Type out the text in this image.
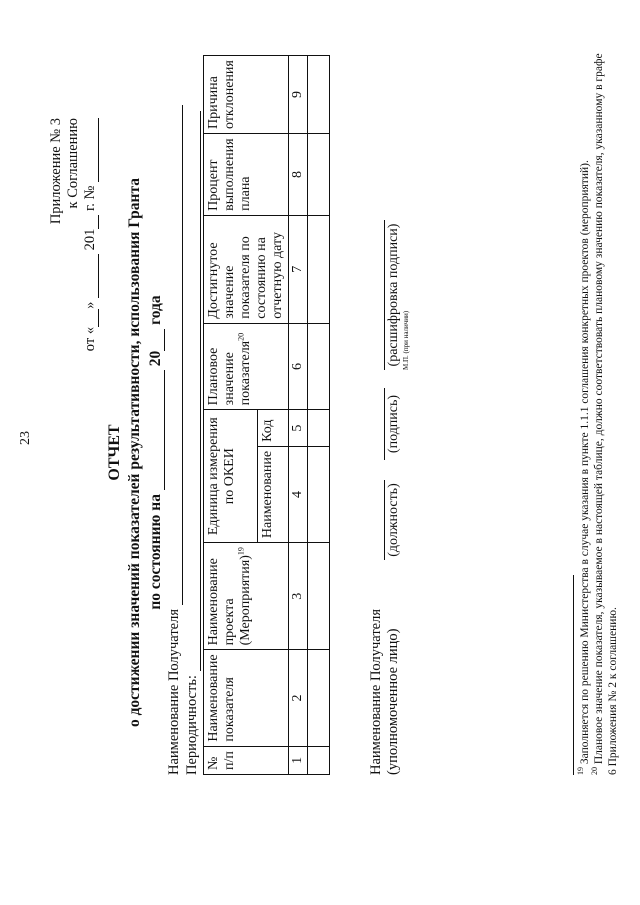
23
Приложение № 3 к Соглашению
от «»  201 г. №
ОТЧЕТ о достижении значений показателей результативности, использования Гранта по состоянию на  20 года
Наименование Получателя Периодичность: № п/п	Наименование показателя	Наименование проекта (Мероприятия)$^{19}$	Единица измерения по ОКЕИ		Плановое значение показателя$^{20}$	Достигнутое значение показателя по состоянию на отчетную дату	Процент выполнения плана	Причина отклонения
			Наименование	Код				
1	2	3	4	5	6	7	8	9

Наименование Получателя (уполномоченное лицо)
(должность)
(подпись)
(расшифровка подписи) М.П. (при наличии)
$^{19}$ Заполняется по решению Министерства в случае указания в пункте 1.1.1 соглашения конкретных проектов (мероприятий).
$^{20}$ Плановое значение показателя, указываемое в настоящей таблице, должно соответствовать плановому значению показателя, указанному в графе 6 Приложения № 2 к соглашению.
